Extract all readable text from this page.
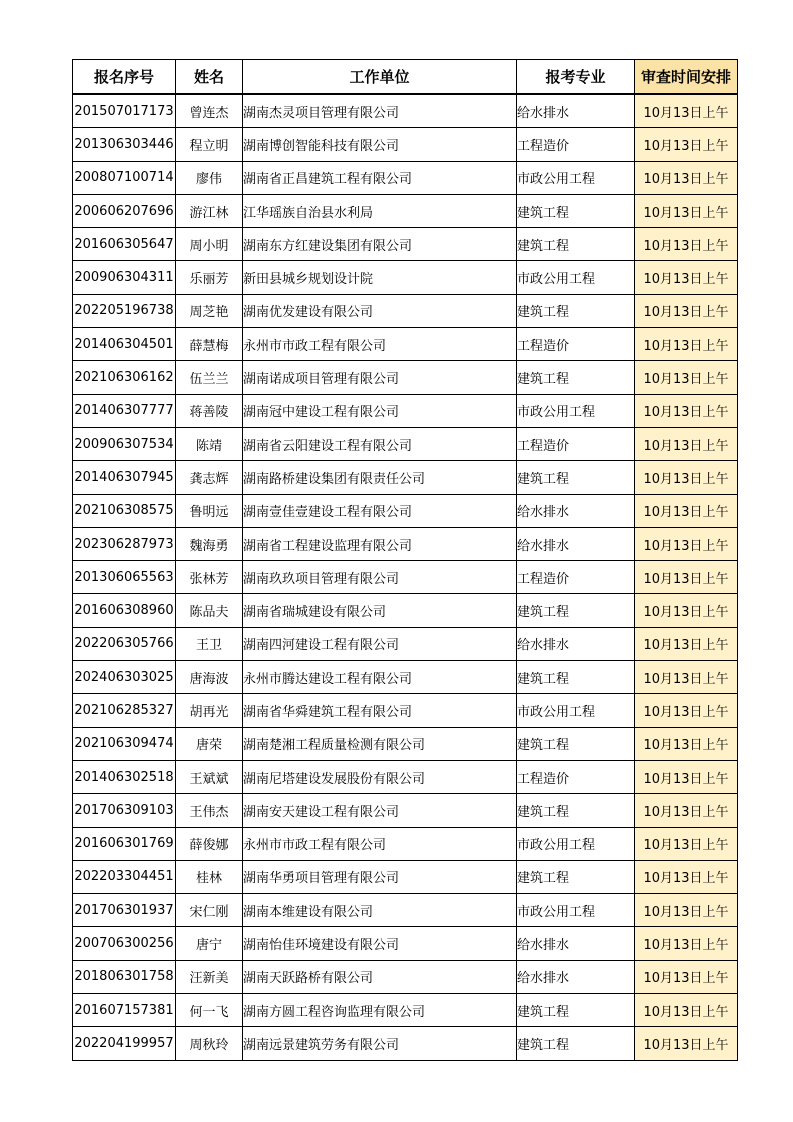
报名序号	姓名	工作单位	报考专业	审查时间安排
201507017173	曾连杰	湖南杰灵项目管理有限公司	给水排水	10月13日上午
201306303446	程立明	湖南博创智能科技有限公司	工程造价	10月13日上午
200807100714	廖伟	湖南省正昌建筑工程有限公司	市政公用工程	10月13日上午
200606207696	游江林	江华瑶族自治县水利局	建筑工程	10月13日上午
201606305647	周小明	湖南东方红建设集团有限公司	建筑工程	10月13日上午
200906304311	乐丽芳	新田县城乡规划设计院	市政公用工程	10月13日上午
202205196738	周芝艳	湖南优发建设有限公司	建筑工程	10月13日上午
201406304501	薛慧梅	永州市市政工程有限公司	工程造价	10月13日上午
202106306162	伍兰兰	湖南诺成项目管理有限公司	建筑工程	10月13日上午
201406307777	蒋善陵	湖南冠中建设工程有限公司	市政公用工程	10月13日上午
200906307534	陈靖	湖南省云阳建设工程有限公司	工程造价	10月13日上午
201406307945	龚志辉	湖南路桥建设集团有限责任公司	建筑工程	10月13日上午
202106308575	鲁明远	湖南壹佳壹建设工程有限公司	给水排水	10月13日上午
202306287973	魏海勇	湖南省工程建设监理有限公司	给水排水	10月13日上午
201306065563	张林芳	湖南玖玖项目管理有限公司	工程造价	10月13日上午
201606308960	陈品夫	湖南省瑞城建设有限公司	建筑工程	10月13日上午
202206305766	王卫	湖南四河建设工程有限公司	给水排水	10月13日上午
202406303025	唐海波	永州市腾达建设工程有限公司	建筑工程	10月13日上午
202106285327	胡再光	湖南省华舜建筑工程有限公司	市政公用工程	10月13日上午
202106309474	唐荣	湖南楚湘工程质量检测有限公司	建筑工程	10月13日上午
201406302518	王斌斌	湖南尼塔建设发展股份有限公司	工程造价	10月13日上午
201706309103	王伟杰	湖南安天建设工程有限公司	建筑工程	10月13日上午
201606301769	薛俊娜	永州市市政工程有限公司	市政公用工程	10月13日上午
202203304451	桂林	湖南华勇项目管理有限公司	建筑工程	10月13日上午
201706301937	宋仁刚	湖南本维建设有限公司	市政公用工程	10月13日上午
200706300256	唐宁	湖南怡佳环境建设有限公司	给水排水	10月13日上午
201806301758	汪新美	湖南天跃路桥有限公司	给水排水	10月13日上午
201607157381	何一飞	湖南方圆工程咨询监理有限公司	建筑工程	10月13日上午
202204199957	周秋玲	湖南远景建筑劳务有限公司	建筑工程	10月13日上午
